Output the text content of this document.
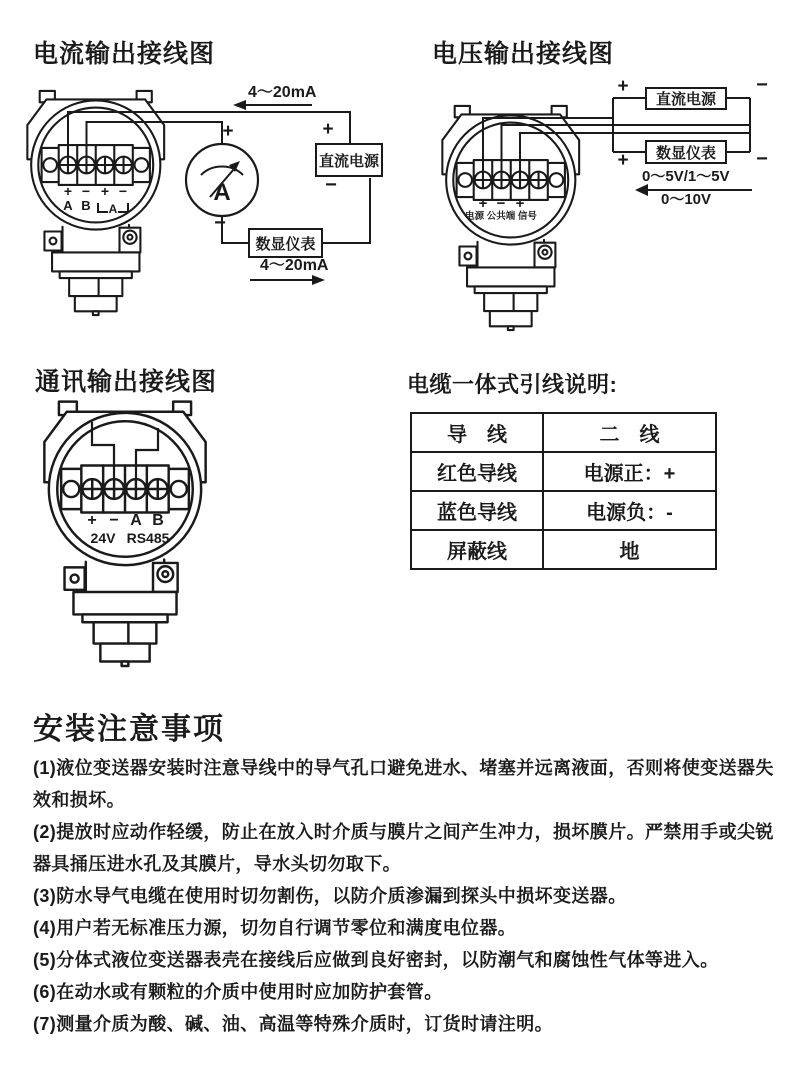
电流输出接线图	电压输出接线图
通讯输出接线图	电缆一体式引线说明:
直流电源
数显仪表
4～20mA
4～20mA
+
−
A
+
−
+ − + −
A B A
直流电源
数显仪表
+	−
+	−
0～5V/1～5V
0～10V
+ − +
电源 公共端 信号
+ − A B
24V RS485
导　线	二　线
红色导线	电源正：+
蓝色导线	电源负：-
屏蔽线	地
安装注意事项

(1)液位变送器安装时注意导线中的导气孔口避免进水、堵塞并远离液面，否则将使变送器失效和损坏。

(2)提放时应动作轻缓，防止在放入时介质与膜片之间产生冲力，损坏膜片。严禁用手或尖锐器具捅压进水孔及其膜片，导水头切勿取下。

(3)防水导气电缆在使用时切勿割伤，以防介质渗漏到探头中损坏变送器。

(4)用户若无标准压力源，切勿自行调节零位和满度电位器。

(5)分体式液位变送器表壳在接线后应做到良好密封，以防潮气和腐蚀性气体等进入。

(6)在动水或有颗粒的介质中使用时应加防护套管。

(7)测量介质为酸、碱、油、高温等特殊介质时，订货时请注明。
